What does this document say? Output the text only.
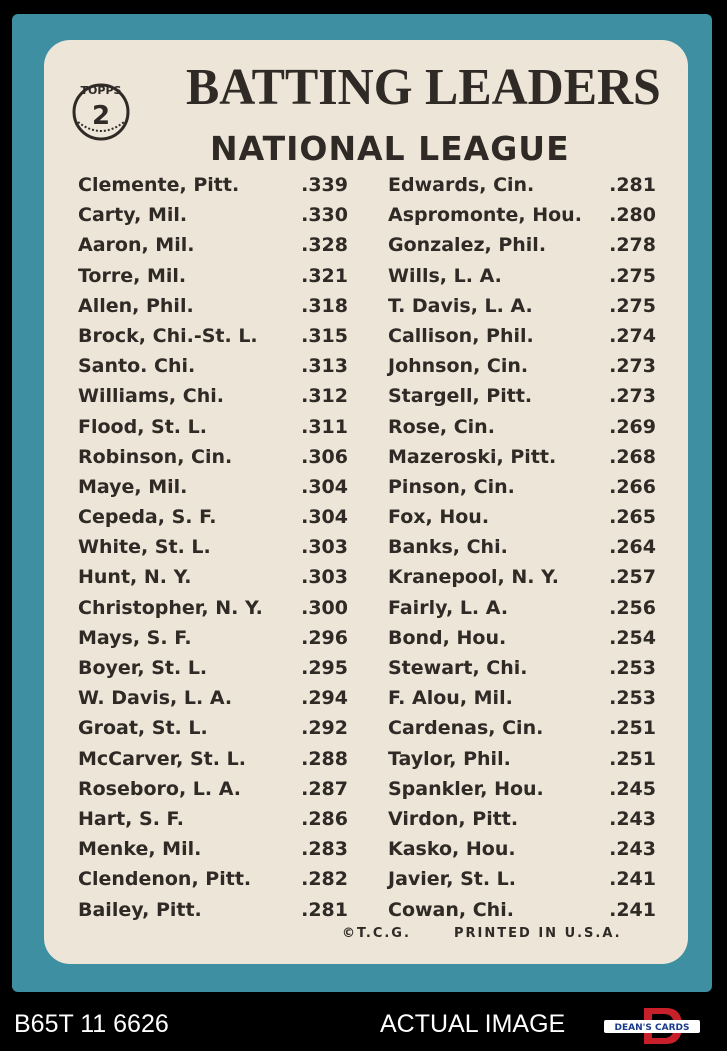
TOPPS
2 BATTING LEADERS
NATIONAL LEAGUE
Clemente, Pitt.	.339
Carty, Mil.	.330
Aaron, Mil.	.328
Torre, Mil.	.321
Allen, Phil.	.318
Brock, Chi.-St. L. .315
Santo. Chi.	.313
Williams, Chi.	.312
Flood, St. L.	.311
Robinson, Cin.	.306
Maye, Mil.	.304
Cepeda, S. F.	.304
White, St. L.	.303
Hunt, N. Y.	.303
Christopher, N. Y. .300
Mays, S. F.	.296
Boyer, St. L.	.295
W. Davis, L. A.	.294
Groat, St. L.	.292
McCarver, St. L.	.288
Roseboro, L. A.	.287
Hart, S. F.	.286
Menke, Mil.	.283
Clendenon, Pitt.	.282
Bailey, Pitt.	.281
Edwards, Cin.	.281
Aspromonte, Hou. .280
Gonzalez, Phil.	.278
Wills, L. A.	.275
T. Davis, L. A.	.275
Callison, Phil.	.274
Johnson, Cin.	.273
Stargell, Pitt.	.273
Rose, Cin.	.269
Mazeroski, Pitt.	.268
Pinson, Cin.	.266
Fox, Hou.	.265
Banks, Chi.	.264
Kranepool, N. Y.	.257
Fairly, L. A.	.256
Bond, Hou.	.254
Stewart, Chi.	.253
F. Alou, Mil.	.253
Cardenas, Cin.	.251
Taylor, Phil.	.251
Spankler, Hou.	.245
Virdon, Pitt.	.243
Kasko, Hou.	.243
Javier, St. L.	.241
Cowan, Chi.	.241
©T.C.G.	PRINTED IN U.S.A.
B65T 11 6626	ACTUAL IMAGE	DEAN'S CARDS
